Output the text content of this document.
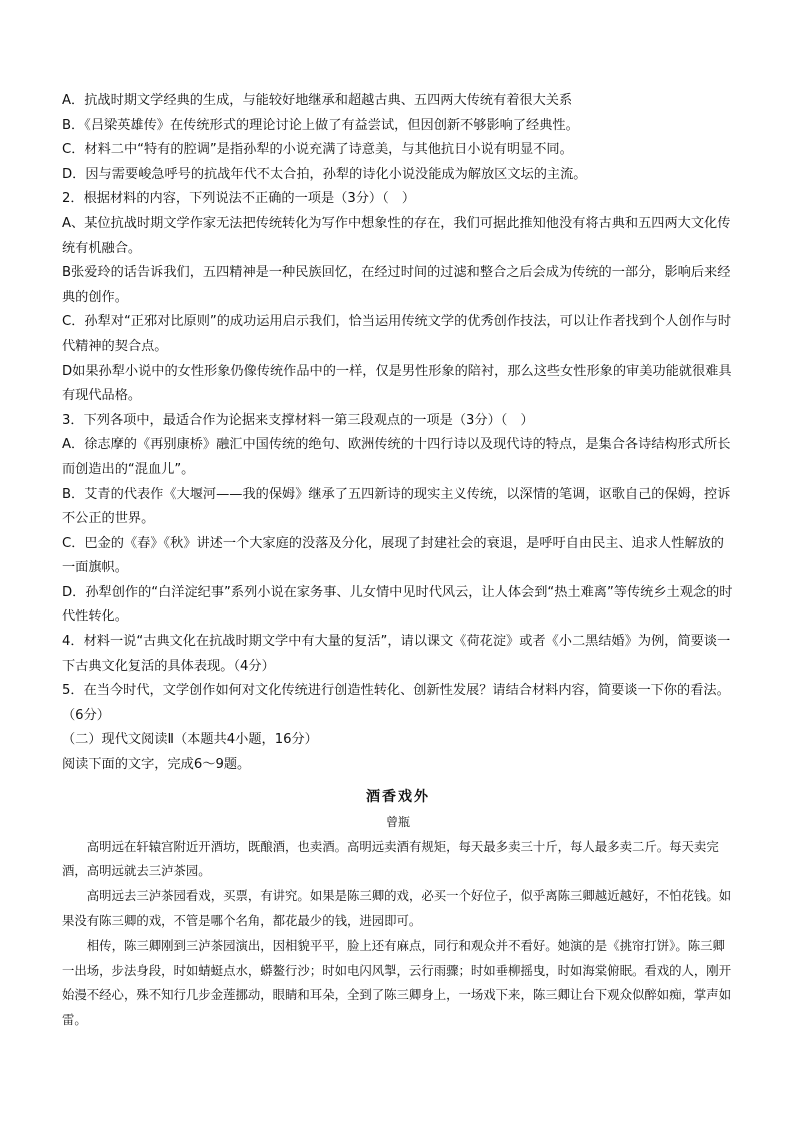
A．抗战时期文学经典的生成，与能较好地继承和超越古典、五四两大传统有着很大关系

B．《吕梁英雄传》在传统形式的理论讨论上做了有益尝试，但因创新不够影响了经典性。

C．材料二中“特有的腔调”是指孙犁的小说充满了诗意美，与其他抗日小说有明显不同。

D．因与需要峻急呼号的抗战年代不太合拍，孙犁的诗化小说没能成为解放区文坛的主流。

2．根据材料的内容，下列说法不正确的一项是（3分）（　）

A、某位抗战时期文学作家无法把传统转化为写作中想象性的存在，我们可据此推知他没有将古典和五四两大文化传统有机融合。

B张爱玲的话告诉我们，五四精神是一种民族回忆，在经过时间的过滤和整合之后会成为传统的一部分，影响后来经典的创作。

C．孙犁对“正邪对比原则”的成功运用启示我们，恰当运用传统文学的优秀创作技法，可以让作者找到个人创作与时代精神的契合点。

D如果孙犁小说中的女性形象仍像传统作品中的一样，仅是男性形象的陪衬，那么这些女性形象的审美功能就很难具有现代品格。

3．下列各项中，最适合作为论据来支撑材料一第三段观点的一项是（3分）（　）

A．徐志摩的《再别康桥》融汇中国传统的绝句、欧洲传统的十四行诗以及现代诗的特点，是集合各诗结构形式所长而创造出的“混血儿”。

B．艾青的代表作《大堰河——我的保姆》继承了五四新诗的现实主义传统，以深情的笔调，讴歌自己的保姆，控诉不公正的世界。

C．巴金的《春》《秋》讲述一个大家庭的没落及分化，展现了封建社会的衰退，是呼吁自由民主、追求人性解放的一面旗帜。

D．孙犁创作的“白洋淀纪事”系列小说在家务事、儿女情中见时代风云，让人体会到“热土难离”等传统乡土观念的时代性转化。

4．材料一说“古典文化在抗战时期文学中有大量的复活”，请以课文《荷花淀》或者《小二黑结婚》为例，简要谈一下古典文化复活的具体表现。（4分）

5．在当今时代，文学创作如何对文化传统进行创造性转化、创新性发展？请结合材料内容，简要谈一下你的看法。（6分）

（二）现代文阅读Ⅱ（本题共4小题，16分）

阅读下面的文字，完成6～9题。

酒香戏外

曾瓶

高明远在轩辕宫附近开酒坊，既酿酒，也卖酒。高明远卖酒有规矩，每天最多卖三十斤，每人最多卖二斤。每天卖完酒，高明远就去三泸茶园。

高明远去三泸茶园看戏，买票，有讲究。如果是陈三卿的戏，必买一个好位子，似乎离陈三卿越近越好，不怕花钱。如果没有陈三卿的戏，不管是哪个名角，都花最少的钱，进园即可。

相传，陈三卿刚到三泸茶园演出，因相貌平平，脸上还有麻点，同行和观众并不看好。她演的是《挑帘打饼》。陈三卿一出场，步法身段，时如蜻蜓点水，蟒鳌行沙；时如电闪风掣，云行雨骤；时如垂柳摇曳，时如海棠俯眠。看戏的人，刚开始漫不经心，殊不知行几步金莲挪动，眼睛和耳朵，全到了陈三卿身上，一场戏下来，陈三卿让台下观众似醉如痴，掌声如雷。
